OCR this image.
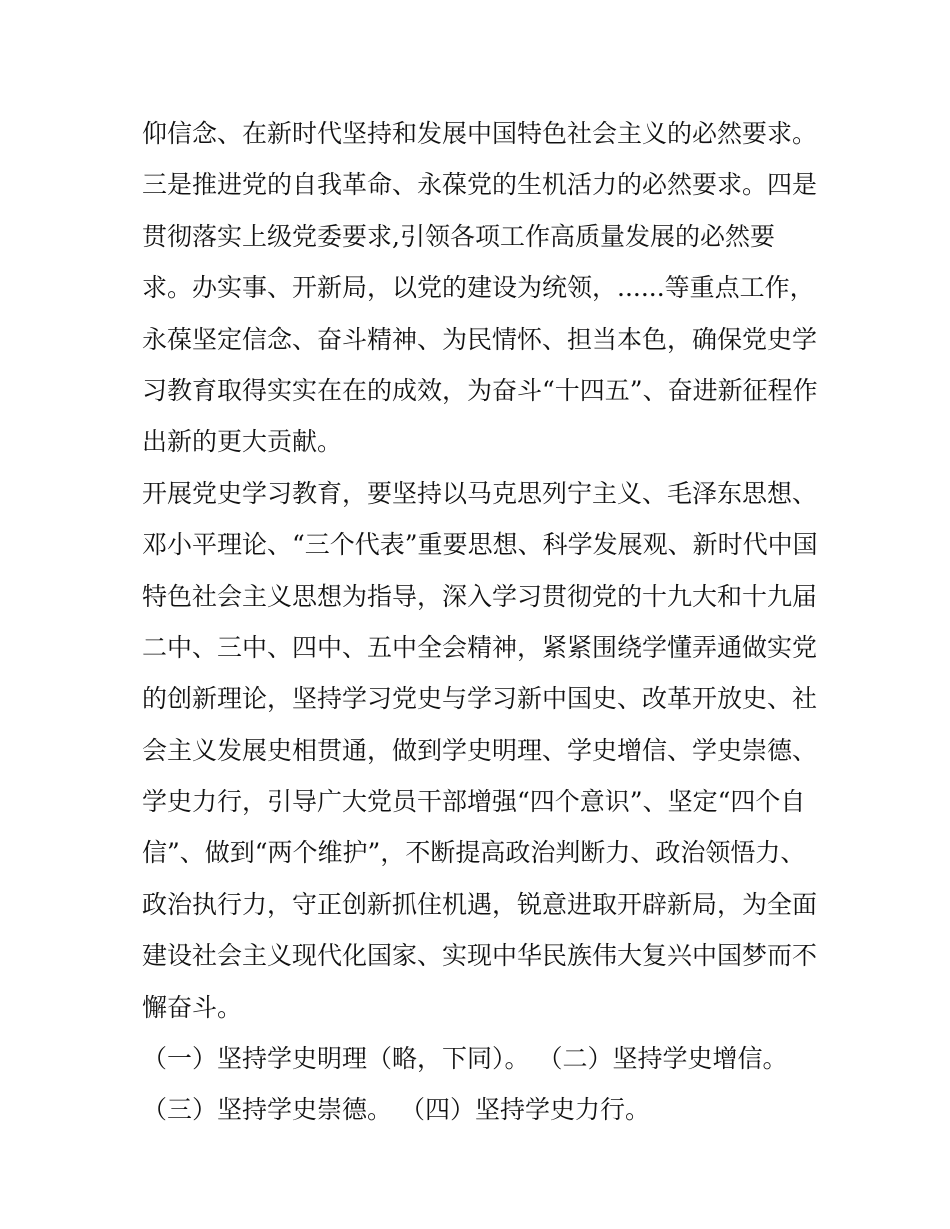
仰信念、在新时代坚持和发展中国特色社会主义的必然要求。
三是推进党的自我革命、永葆党的生机活力的必然要求。四是
贯彻落实上级党委要求,引领各项工作高质量发展的必然要
求。办实事、开新局，以党的建设为统领，......等重点工作，
永葆坚定信念、奋斗精神、为民情怀、担当本色，确保党史学
习教育取得实实在在的成效，为奋斗“十四五”、奋进新征程作
出新的更大贡献。
开展党史学习教育，要坚持以马克思列宁主义、毛泽东思想、
邓小平理论、“三个代表”重要思想、科学发展观、新时代中国
特色社会主义思想为指导，深入学习贯彻党的十九大和十九届
二中、三中、四中、五中全会精神，紧紧围绕学懂弄通做实党
的创新理论，坚持学习党史与学习新中国史、改革开放史、社
会主义发展史相贯通，做到学史明理、学史增信、学史崇德、
学史力行，引导广大党员干部增强“四个意识”、坚定“四个自
信”、做到“两个维护”，不断提高政治判断力、政治领悟力、
政治执行力，守正创新抓住机遇，锐意进取开辟新局，为全面
建设社会主义现代化国家、实现中华民族伟大复兴中国梦而不
懈奋斗。
（一）坚持学史明理（略，下同）。 （二）坚持学史增信。
（三）坚持学史崇德。 （四）坚持学史力行。
